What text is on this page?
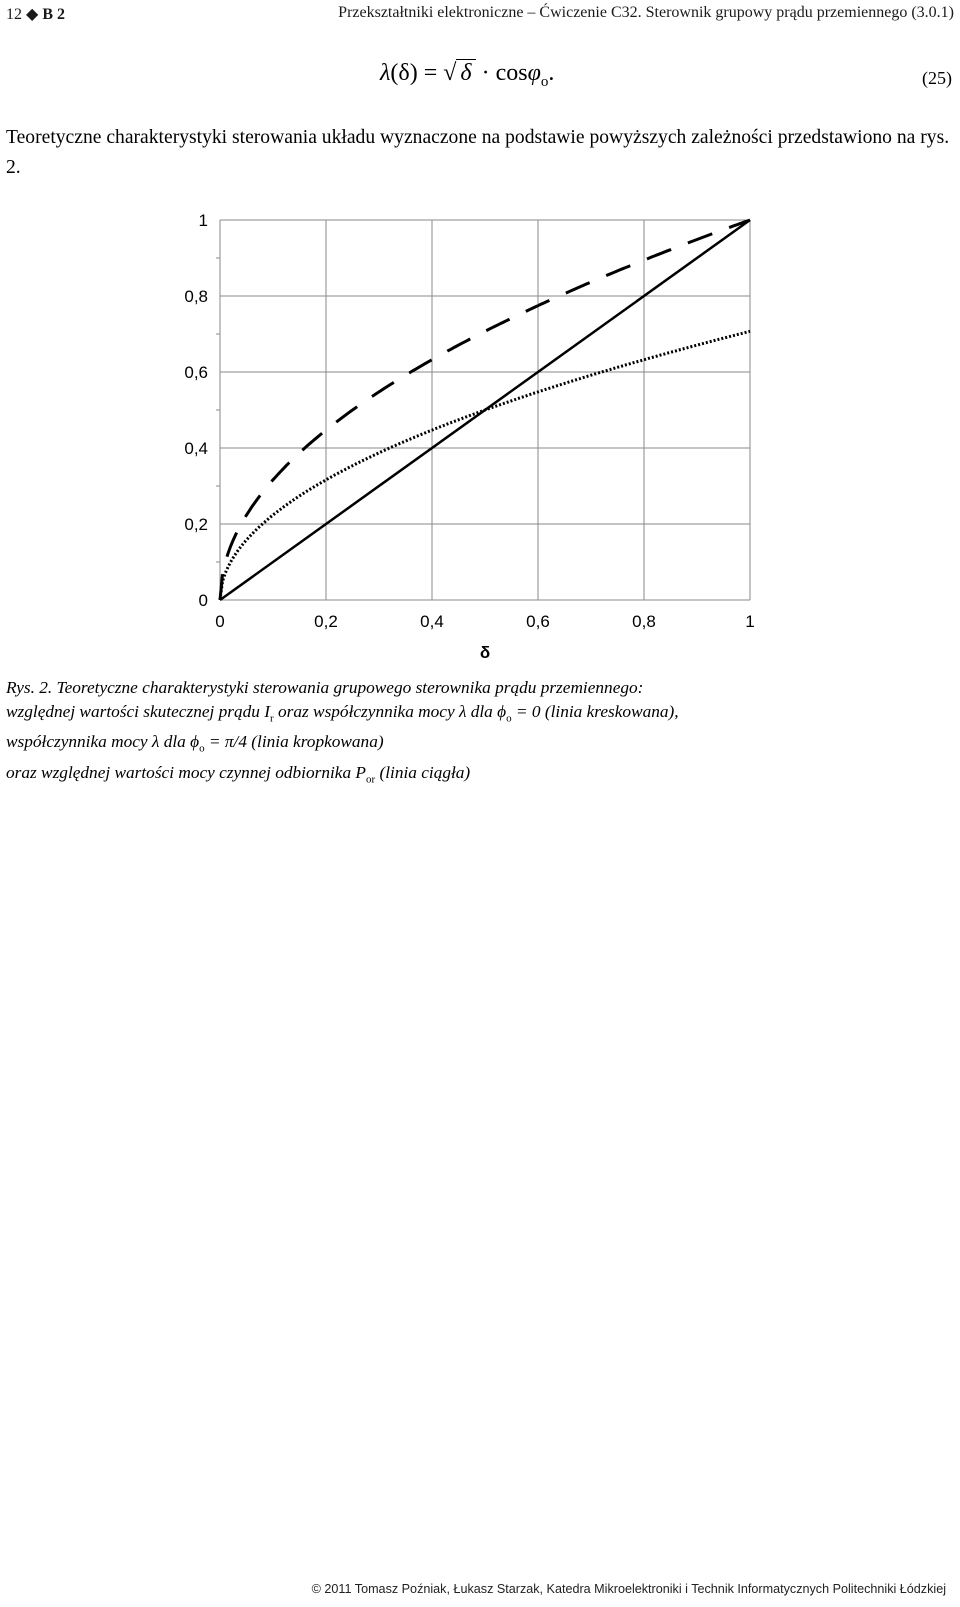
12 ◆ B 2	Przekształtniki elektroniczne – Ćwiczenie C32. Sterownik grupowy prądu przemiennego (3.0.1)
λ(δ) = √ δ · cosφ$_o$.	(25)
Teoretyczne charakterystyki sterowania układu wyznaczone na podstawie powyższych zależności przedstawiono na rys. 2.
0	0,2	0,4	0,6	0,8	1
0
0,2
0,4
0,6
0,8
1
δ
Rys. 2. Teoretyczne charakterystyki sterowania grupowego sterownika prądu przemiennego:
względnej wartości skutecznej prądu $I_r$ oraz współczynnika mocy λ dla $\phi_o = 0$ (linia kreskowana),
współczynnika mocy λ dla $\phi_o = \pi/4$ (linia kropkowana)
oraz względnej wartości mocy czynnej odbiornika $P_{or}$ (linia ciągła)
© 2011 Tomasz Poźniak, Łukasz Starzak, Katedra Mikroelektroniki i Technik Informatycznych Politechniki Łódzkiej
